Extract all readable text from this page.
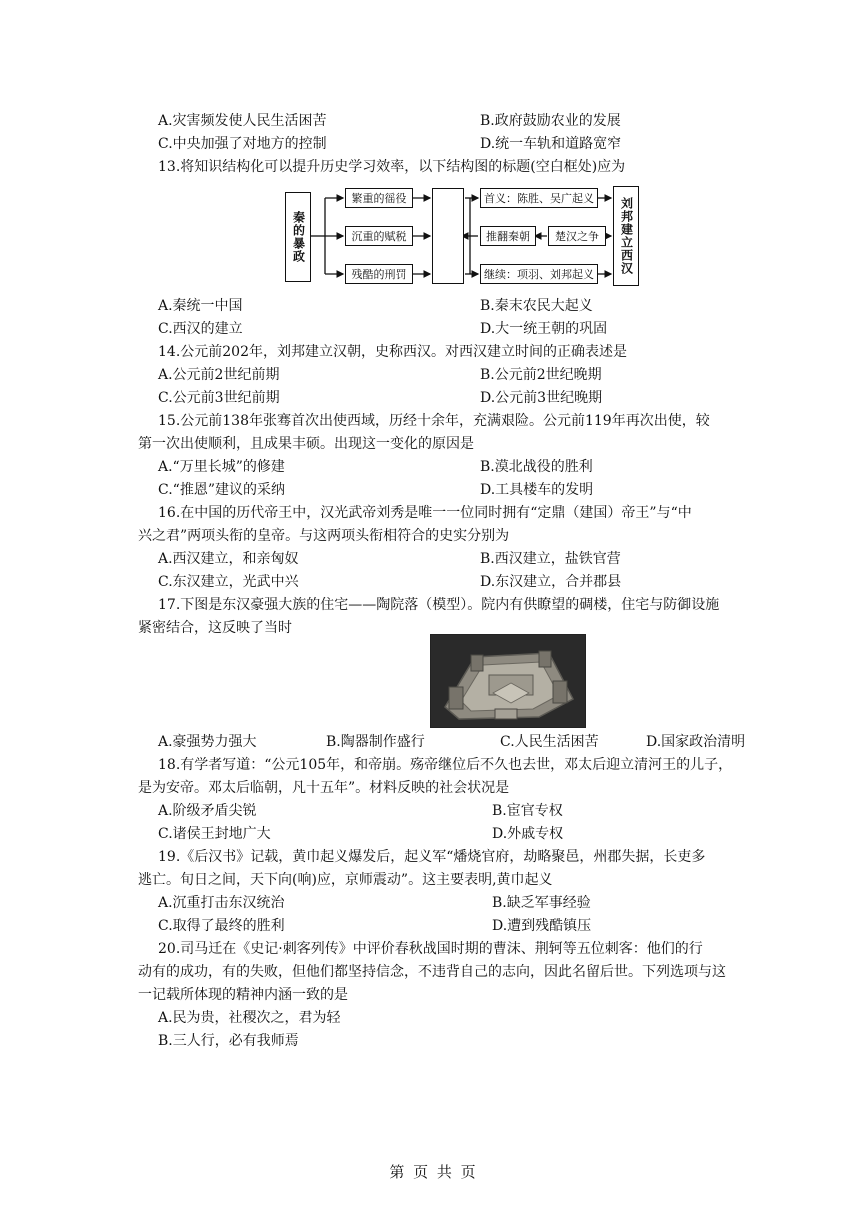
A.灾害频发使人民生活困苦	B.政府鼓励农业的发展
C.中央加强了对地方的控制	D.统一车轨和道路宽窄
13.将知识结构化可以提升历史学习效率，以下结构图的标题(空白框处)应为
秦的暴政
繁重的徭役
沉重的赋税
残酷的刑罚
首义：陈胜、吴广起义
推翻秦朝	楚汉之争
继续：项羽、刘邦起义	刘邦建立西汉
A.秦统一中国	B.秦末农民大起义
C.西汉的建立	D.大一统王朝的巩固
14.公元前202年，刘邦建立汉朝，史称西汉。对西汉建立时间的正确表述是
A.公元前2世纪前期	B.公元前2世纪晚期
C.公元前3世纪前期	D.公元前3世纪晚期
15.公元前138年张骞首次出使西域，历经十余年，充满艰险。公元前119年再次出使，较
第一次出使顺利，且成果丰硕。出现这一变化的原因是
A.“万里长城”的修建	B.漠北战役的胜利
C.“推恩”建议的采纳	D.工具楼车的发明
16.在中国的历代帝王中，汉光武帝刘秀是唯一一位同时拥有“定鼎（建国）帝王”与“中
兴之君”两项头衔的皇帝。与这两项头衔相符合的史实分别为
A.西汉建立，和亲匈奴	B.西汉建立，盐铁官营
C.东汉建立，光武中兴	D.东汉建立，合并郡县
17.下图是东汉豪强大族的住宅——陶院落（模型）。院内有供瞭望的碉楼，住宅与防御设施
紧密结合，这反映了当时
A.豪强势力强大	B.陶器制作盛行	C.人民生活困苦	D.国家政治清明
18.有学者写道：“公元105年，和帝崩。殇帝继位后不久也去世，邓太后迎立清河王的儿子，
是为安帝。邓太后临朝，凡十五年”。材料反映的社会状况是
A.阶级矛盾尖锐	B.宦官专权
C.诸侯王封地广大	D.外戚专权
19.《后汉书》记载，黄巾起义爆发后，起义军“燔烧官府，劫略聚邑，州郡失据，长吏多
逃亡。旬日之间，天下向(响)应，京师震动”。这主要表明,黄巾起义
A.沉重打击东汉统治	B.缺乏军事经验
C.取得了最终的胜利	D.遭到残酷镇压
20.司马迁在《史记·刺客列传》中评价春秋战国时期的曹沫、荆轲等五位刺客：他们的行
动有的成功，有的失败，但他们都坚持信念，不违背自己的志向，因此名留后世。下列选项与这
一记载所体现的精神内涵一致的是
A.民为贵，社稷次之，君为轻
B.三人行，必有我师焉
第 页 共 页
